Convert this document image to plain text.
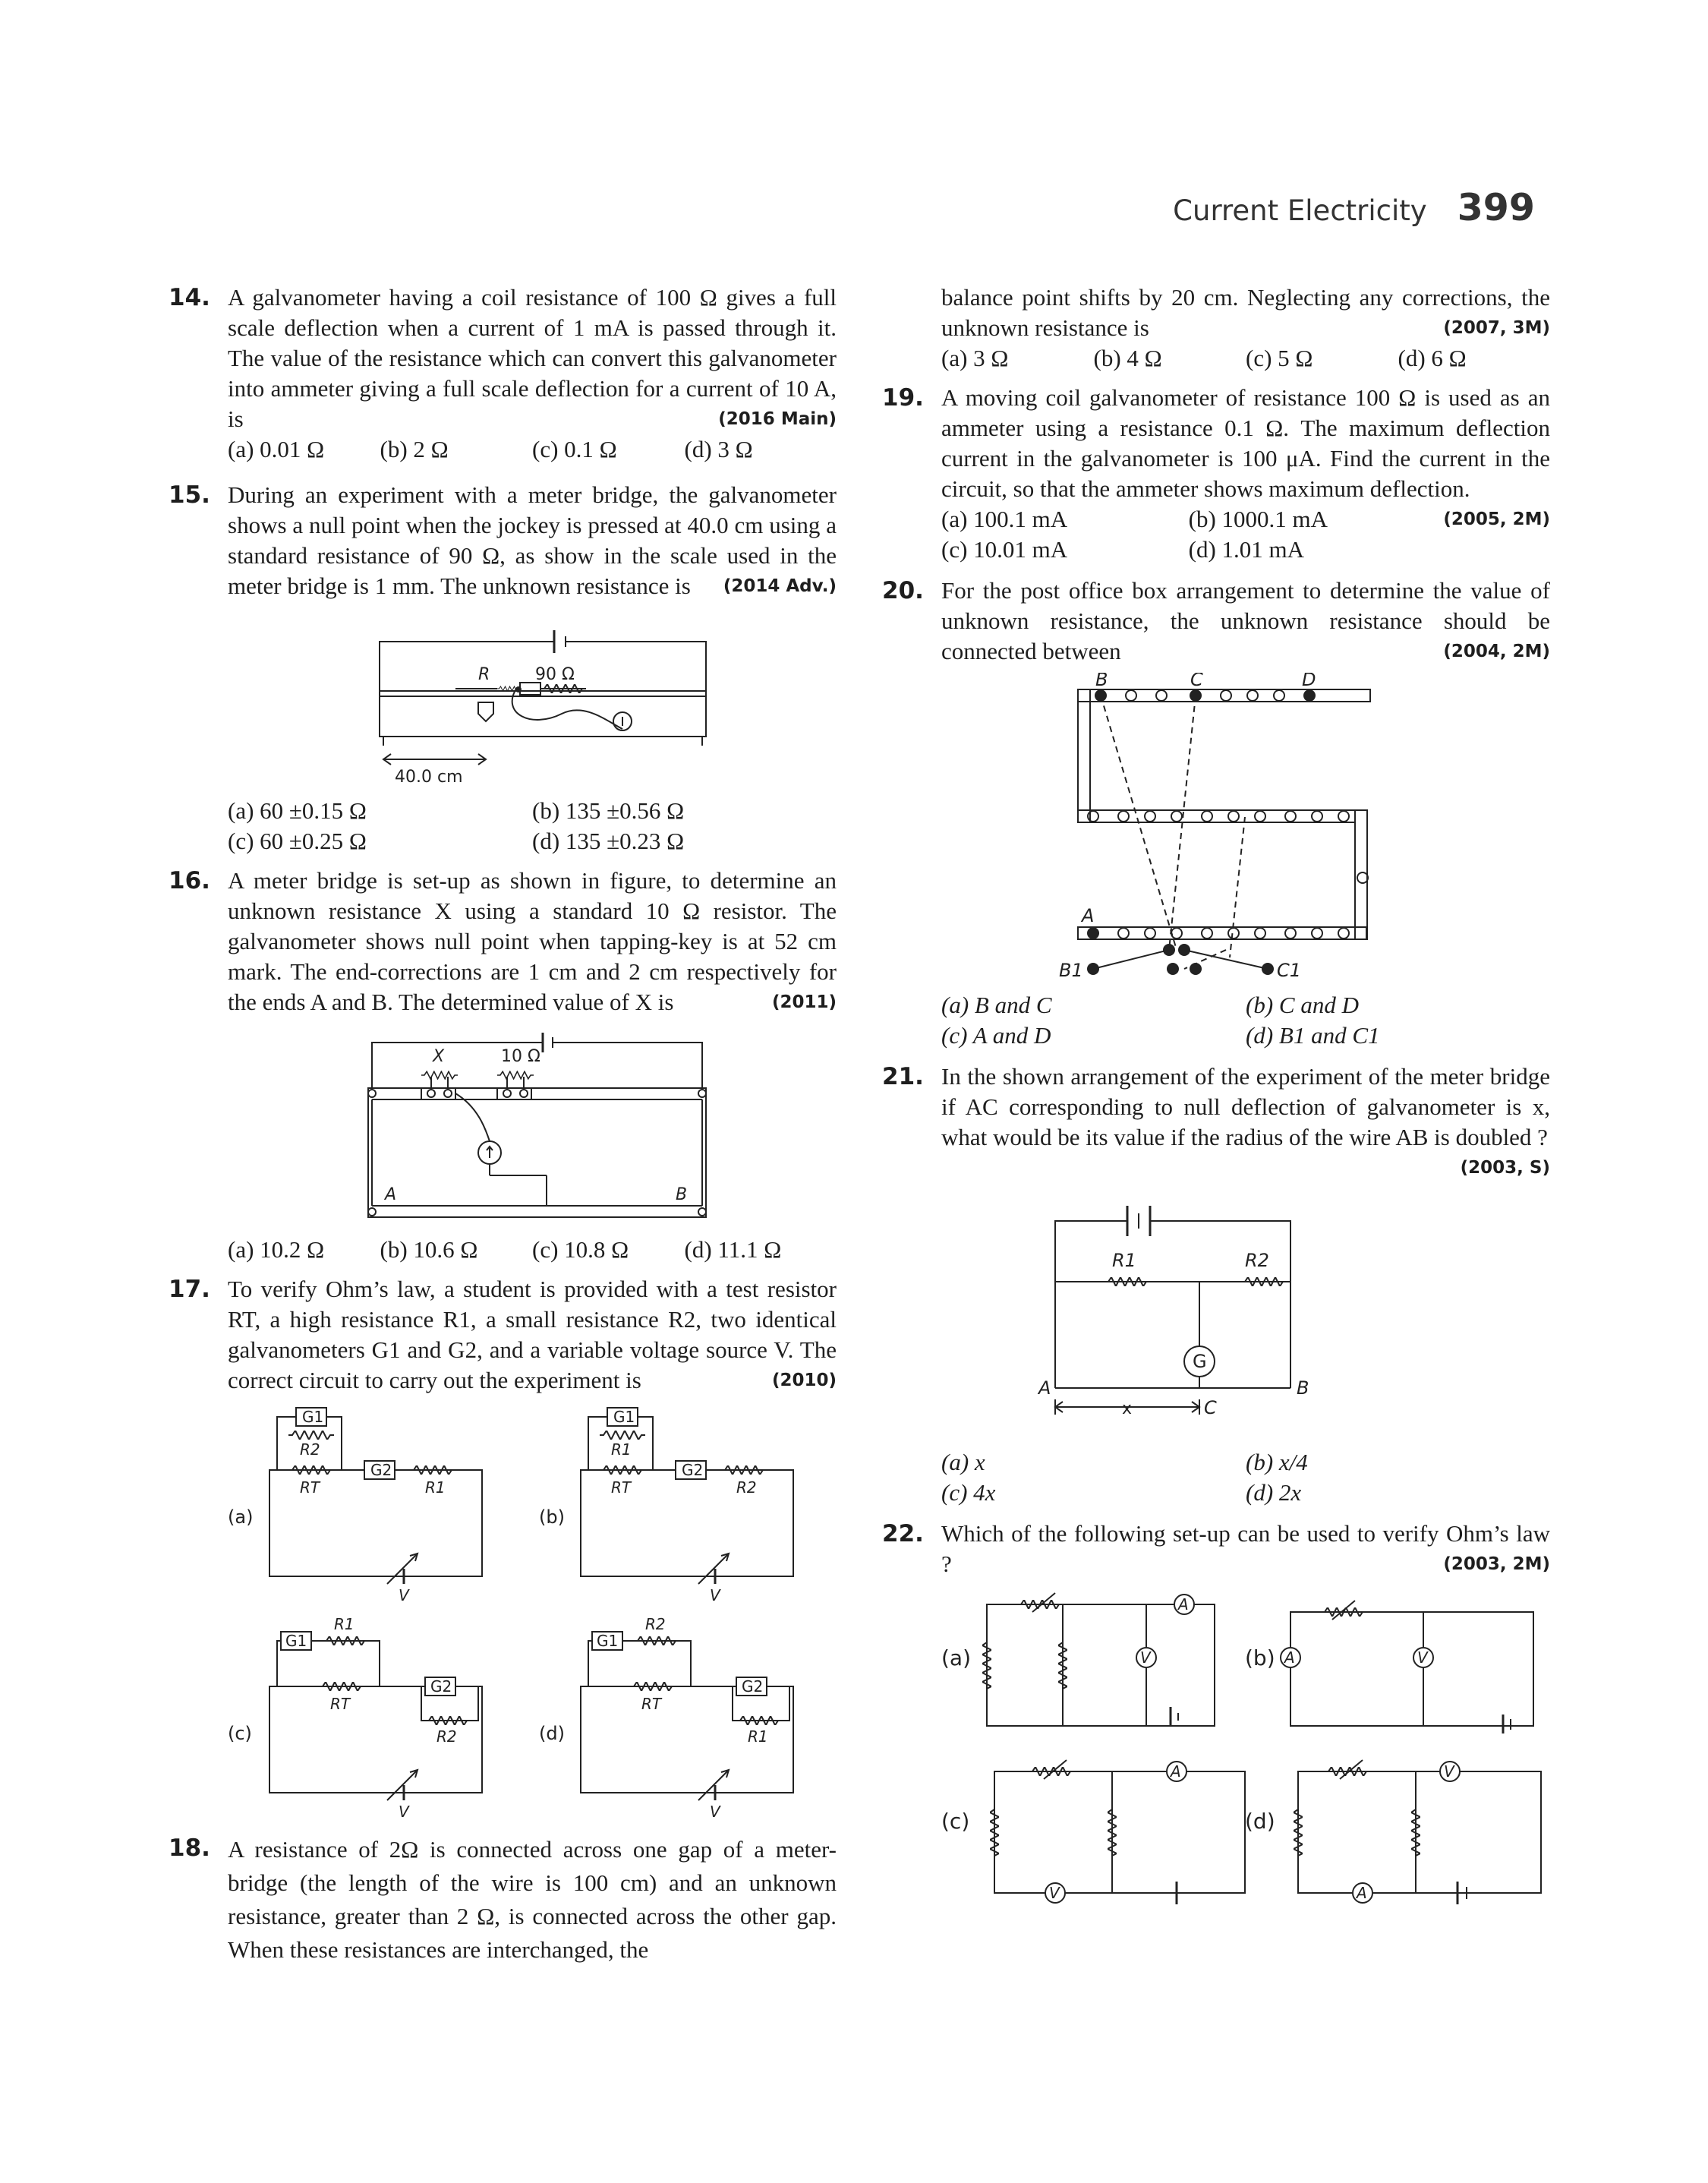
Current Electricity 399
14. A galvanometer having a coil resistance of 100 Ω gives a full scale deflection when a current of 1 mA is passed through it. The value of the resistance which can convert this galvanometer into ammeter giving a full scale deflection for a current of 10 A, is	(2016 Main)

(a) 0.01 Ω	(b) 2 Ω	(c) 0.1 Ω	(d) 3 Ω
15. During an experiment with a meter bridge, the galvanometer shows a null point when the jockey is pressed at 40.0 cm using a standard resistance of 90 Ω, as show in the scale used in the meter bridge is 1 mm. The unknown resistance is (2014 Adv.)

R	90 Ω
40.0 cm
(a) 60 ±0.15 Ω	(b) 135 ±0.56 Ω
(c) 60 ±0.25 Ω	(d) 135 ±0.23 Ω
16. A meter bridge is set-up as shown in figure, to determine an unknown resistance X using a standard 10 Ω resistor. The galvanometer shows null point when tapping-key is at 52 cm mark. The end-corrections are 1 cm and 2 cm respectively for the ends A and B. The determined value of X is	(2011)

X	10 Ω
A	B
(a) 10.2 Ω	(b) 10.6 Ω	(c) 10.8 Ω	(d) 11.1 Ω
17. To verify Ohm’s law, a student is provided with a test resistor RT, a high resistance R1, a small resistance R2, two identical galvanometers G1 and G2, and a variable voltage source V. The correct circuit to carry out the experiment is	(2010)

(a)
G1
R2
RT
G2
R1
V
(b)
G1
R1
RT
G2
R2
V
(c)
G1
R1
RT
G2
R2
V
(d)
G1
R2
RT
G2
R1
V
18. A resistance of 2Ω is connected across one gap of a meter-bridge (the length of the wire is 100 cm) and an unknown resistance, greater than 2 Ω, is connected across the other gap. When these resistances are interchanged, the

balance point shifts by 20 cm. Neglecting any corrections, the unknown resistance is	(2007, 3M)

(a) 3 Ω	(b) 4 Ω	(c) 5 Ω	(d) 6 Ω
19. A moving coil galvanometer of resistance 100 Ω is used as an ammeter using a resistance 0.1 Ω. The maximum deflection current in the galvanometer is 100 μA. Find the current in the circuit, so that the ammeter shows maximum deflection.
(2005, 2M)

(a) 100.1 mA	(b) 1000.1 mA
(c) 10.01 mA	(d) 1.01 mA
20. For the post office box arrangement to determine the value of unknown resistance, the unknown resistance should be connected between	(2004, 2M)

B	C	D
A
B1	C1
(a) B and C	(b) C and D
(c) A and D	(d) B1 and C1
21. In the shown arrangement of the experiment of the meter bridge if AC corresponding to null deflection of galvanometer is x, what would be its value if the radius of the wire AB is doubled ?
(2003, S)

R1	R2
G
A	B
C
x
(a) x	(b) x/4
(c) 4x	(d) 2x
22. Which of the following set-up can be used to verify Ohm’s law ?	(2003, 2M)

(a)
A
V	(b) A	V
(c)
A
V
(d)
V
A
